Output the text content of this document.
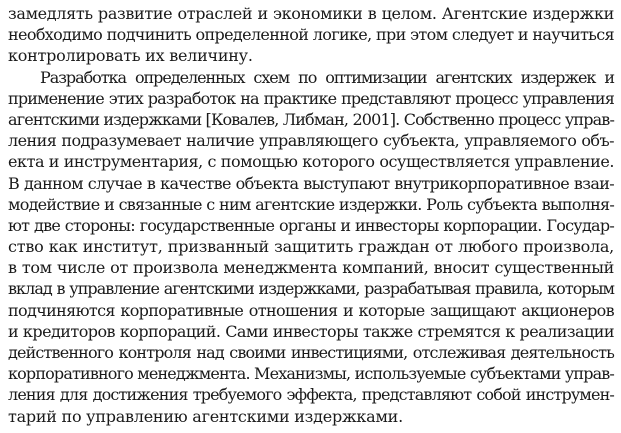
замедлять развитие отраслей и экономики в целом. Агентские издержки
необходимо подчинить определенной логике, при этом следует и научиться
контролировать их величину.
Разработка определенных схем по оптимизации агентских издержек и
применение этих разработок на практике представляют процесс управления
агентскими издержками [Ковалев, Либман, 2001]. Собственно процесс управ-
ления подразумевает наличие управляющего субъекта, управляемого объ-
екта и инструментария, с помощью которого осуществляется управление.
В данном случае в качестве объекта выступают внутрикорпоративное взаи-
модействие и связанные с ним агентские издержки. Роль субъекта выполня-
ют две стороны: государственные органы и инвесторы корпорации. Государ-
ство как институт, призванный защитить граждан от любого произвола,
в том числе от произвола менеджмента компаний, вносит существенный
вклад в управление агентскими издержками, разрабатывая правила, которым
подчиняются корпоративные отношения и которые защищают акционеров
и кредиторов корпораций. Сами инвесторы также стремятся к реализации
действенного контроля над своими инвестициями, отслеживая деятельность
корпоративного менеджмента. Механизмы, используемые субъектами управ-
ления для достижения требуемого эффекта, представляют собой инструмен-
тарий по управлению агентскими издержками.
